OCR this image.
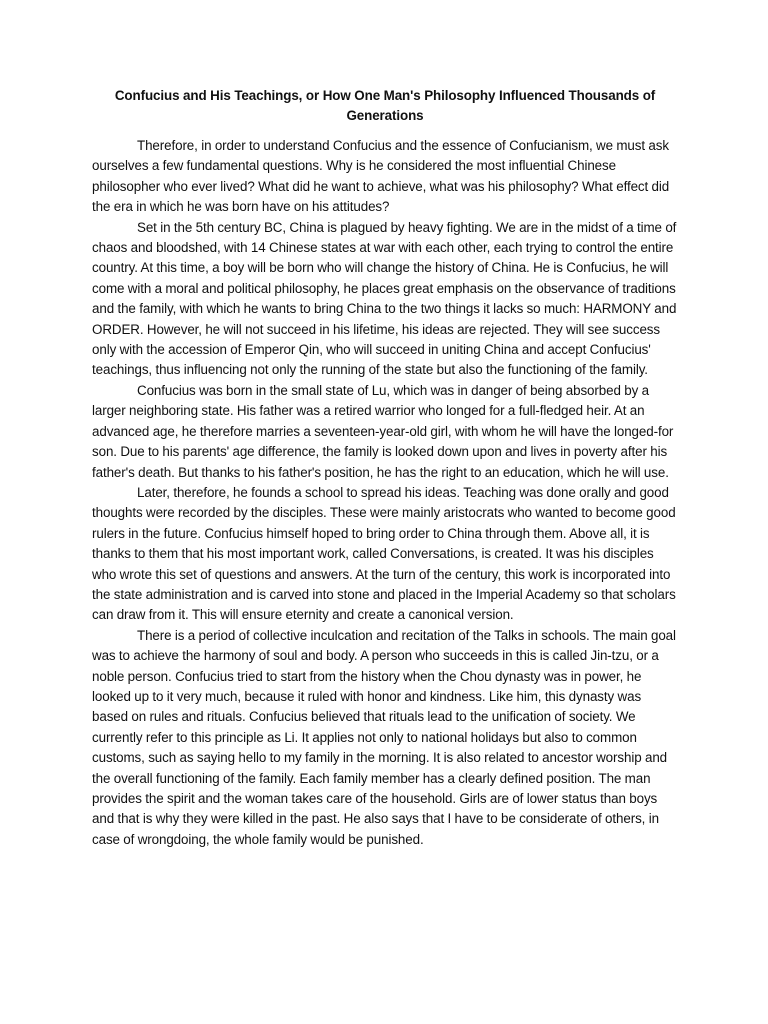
Confucius and His Teachings, or How One Man's Philosophy Influenced Thousands of Generations

Therefore, in order to understand Confucius and the essence of Confucianism, we must ask ourselves a few fundamental questions. Why is he considered the most influential Chinese philosopher who ever lived? What did he want to achieve, what was his philosophy? What effect did the era in which he was born have on his attitudes?

Set in the 5th century BC, China is plagued by heavy fighting. We are in the midst of a time of chaos and bloodshed, with 14 Chinese states at war with each other, each trying to control the entire country. At this time, a boy will be born who will change the history of China. He is Confucius, he will come with a moral and political philosophy, he places great emphasis on the observance of traditions and the family, with which he wants to bring China to the two things it lacks so much: HARMONY and ORDER. However, he will not succeed in his lifetime, his ideas are rejected. They will see success only with the accession of Emperor Qin, who will succeed in uniting China and accept Confucius' teachings, thus influencing not only the running of the state but also the functioning of the family.

Confucius was born in the small state of Lu, which was in danger of being absorbed by a larger neighboring state. His father was a retired warrior who longed for a full-fledged heir. At an advanced age, he therefore marries a seventeen-year-old girl, with whom he will have the longed-for son. Due to his parents' age difference, the family is looked down upon and lives in poverty after his father's death. But thanks to his father's position, he has the right to an education, which he will use.

Later, therefore, he founds a school to spread his ideas. Teaching was done orally and good thoughts were recorded by the disciples. These were mainly aristocrats who wanted to become good rulers in the future. Confucius himself hoped to bring order to China through them. Above all, it is thanks to them that his most important work, called Conversations, is created. It was his disciples who wrote this set of questions and answers. At the turn of the century, this work is incorporated into the state administration and is carved into stone and placed in the Imperial Academy so that scholars can draw from it. This will ensure eternity and create a canonical version.

There is a period of collective inculcation and recitation of the Talks in schools. The main goal was to achieve the harmony of soul and body. A person who succeeds in this is called Jin-tzu, or a noble person. Confucius tried to start from the history when the Chou dynasty was in power, he looked up to it very much, because it ruled with honor and kindness. Like him, this dynasty was based on rules and rituals. Confucius believed that rituals lead to the unification of society. We currently refer to this principle as Li. It applies not only to national holidays but also to common customs, such as saying hello to my family in the morning. It is also related to ancestor worship and the overall functioning of the family. Each family member has a clearly defined position. The man provides the spirit and the woman takes care of the household. Girls are of lower status than boys and that is why they were killed in the past. He also says that I have to be considerate of others, in case of wrongdoing, the whole family would be punished.
